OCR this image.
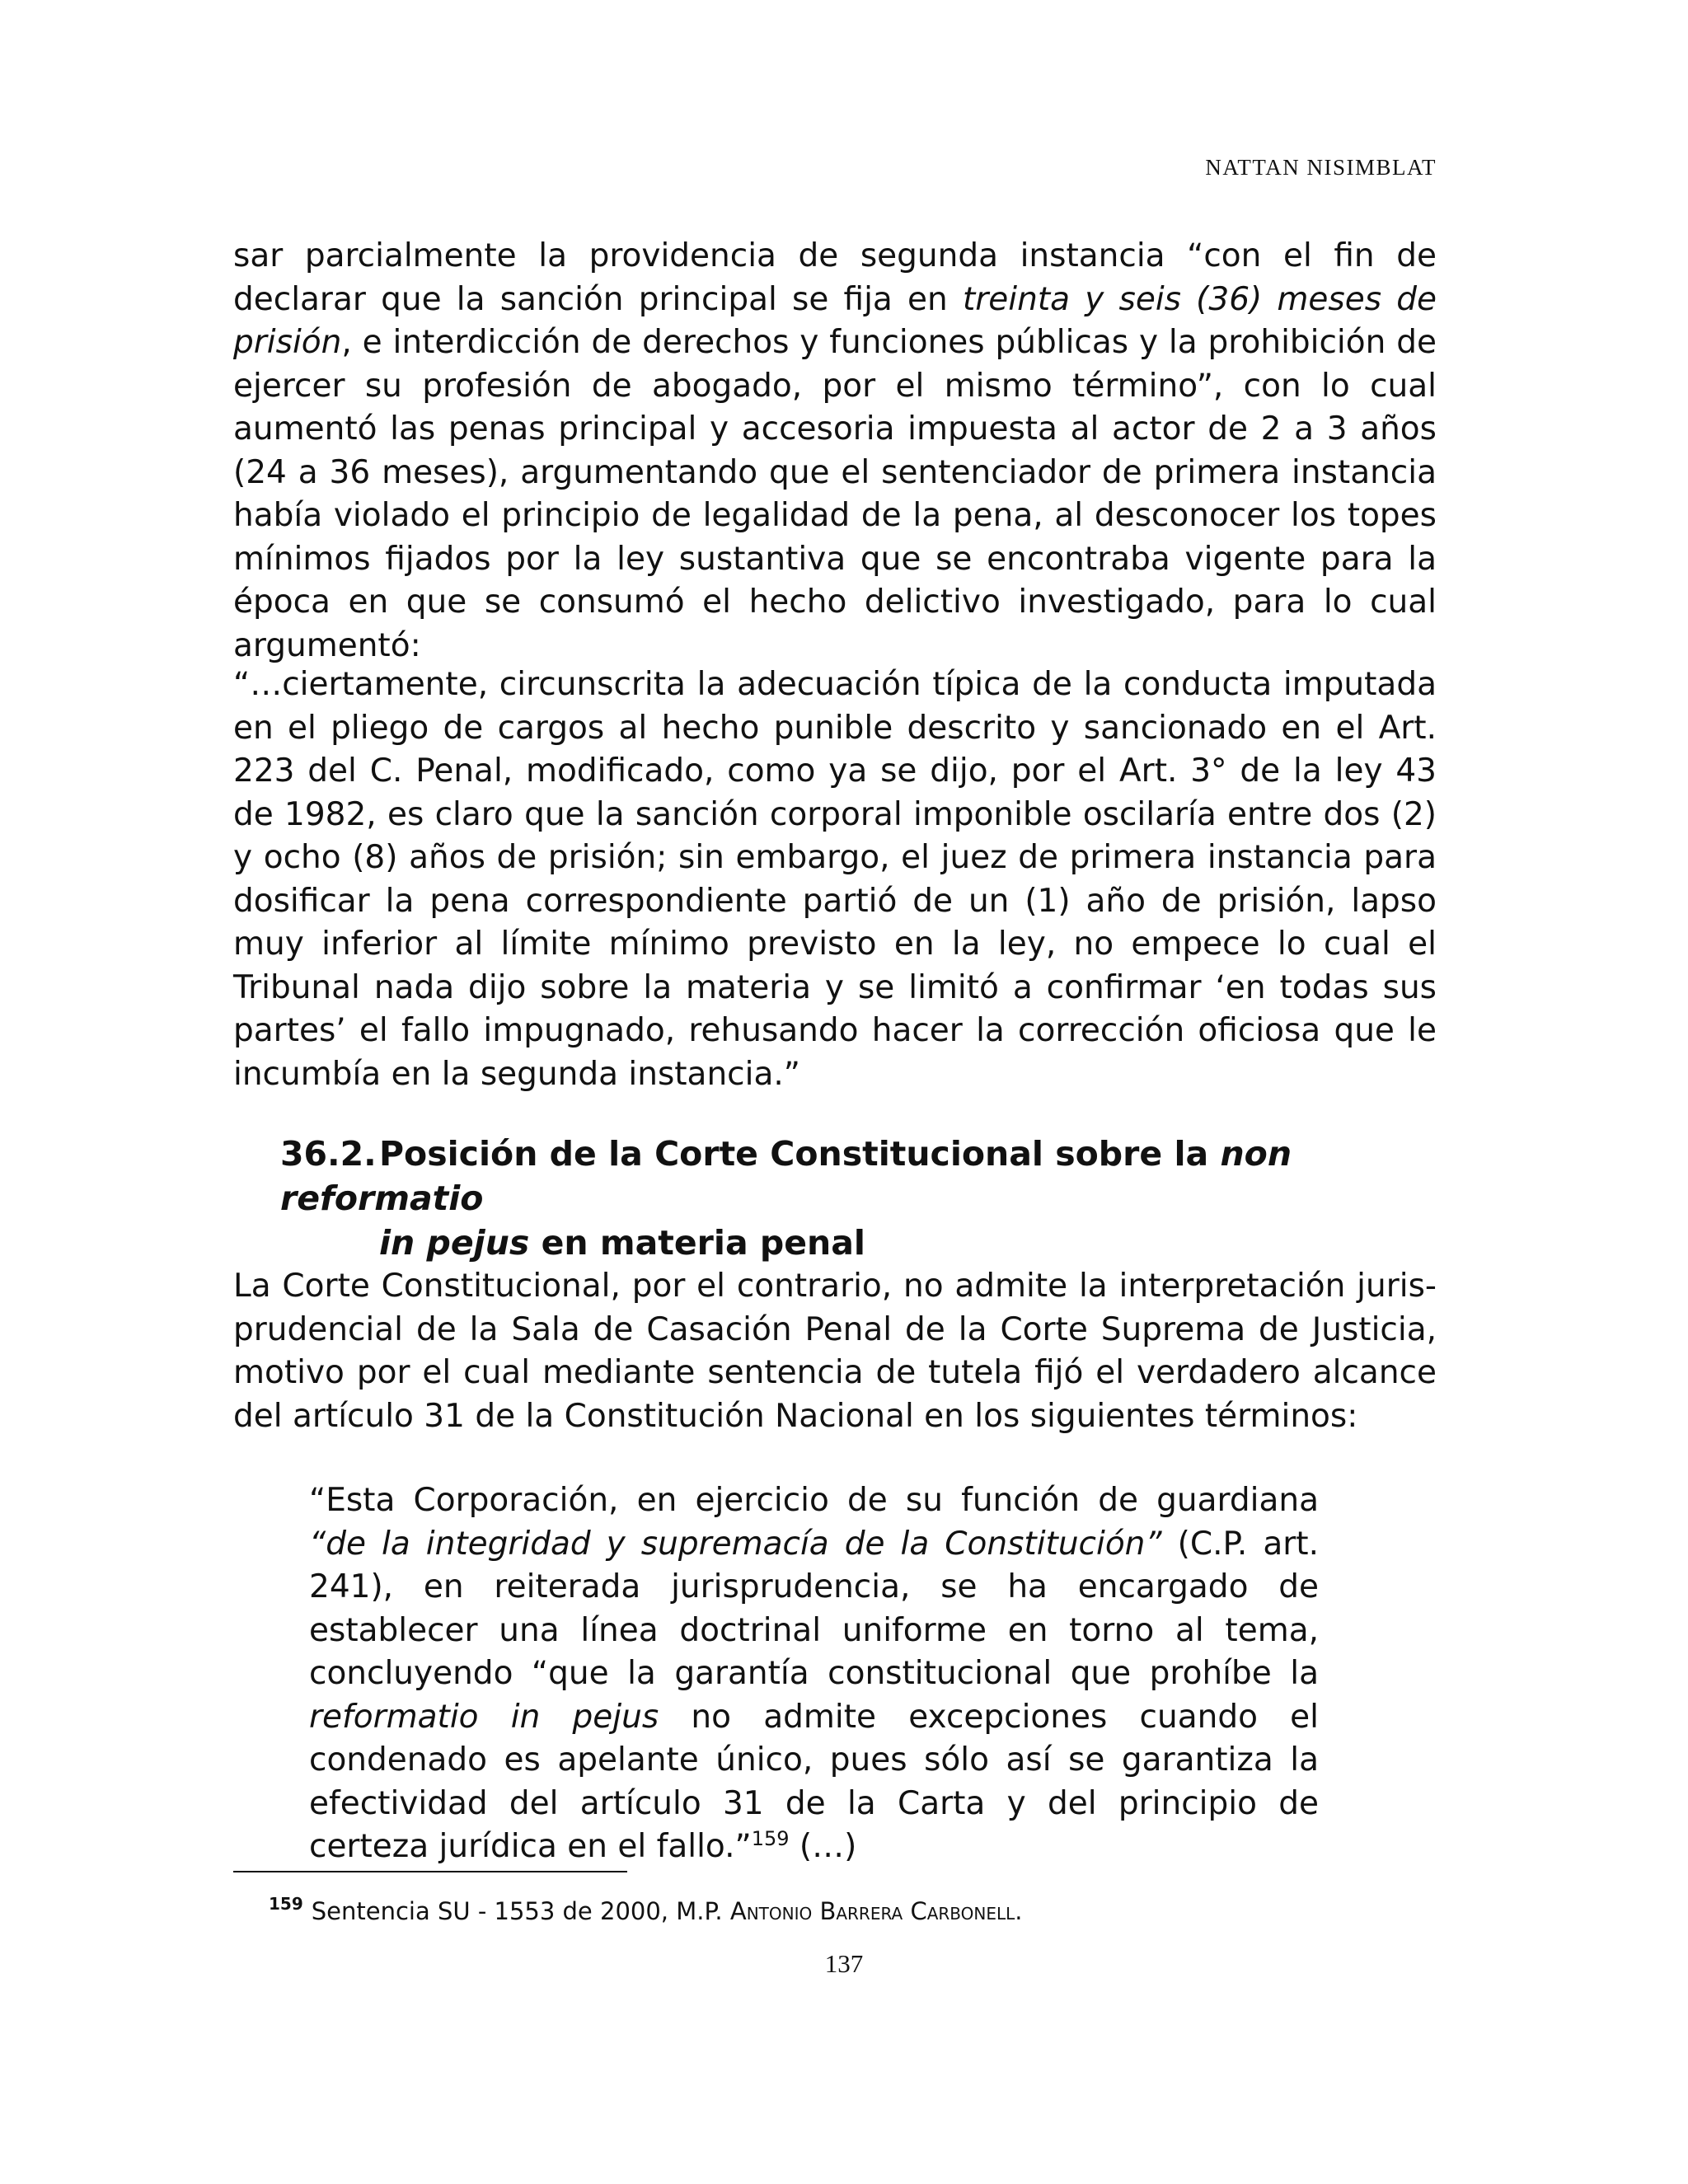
NATTAN NISIMBLAT

sar parcialmente la providencia de segunda instancia “con el fin de declarar que la sanción principal se fija en treinta y seis (36) meses de prisión, e interdicción de derechos y funciones públicas y la prohibición de ejercer su profesión de abogado, por el mismo término”, con lo cual aumentó las penas principal y accesoria impuesta al actor de 2 a 3 años (24 a 36 meses), argumentando que el sentenciador de primera instancia había violado el principio de legalidad de la pena, al desconocer los topes mínimos fijados por la ley sustantiva que se encontraba vigente para la época en que se consumó el hecho delictivo investigado, para lo cual argumentó:

“…ciertamente, circunscrita la adecuación típica de la conducta imputada en el pliego de cargos al hecho punible descrito y sancionado en el Art. 223 del C. Penal, modificado, como ya se dijo, por el Art. 3° de la ley 43 de 1982, es claro que la sanción corporal imponible oscilaría entre dos (2) y ocho (8) años de prisión; sin embargo, el juez de primera instancia para dosificar la pena correspondiente partió de un (1) año de prisión, lapso muy inferior al límite mínimo previsto en la ley, no empece lo cual el Tribunal nada dijo sobre la materia y se limitó a confirmar ‘en todas sus partes’ el fallo impugnado, rehusando hacer la corrección oficiosa que le incumbía en la segunda instancia.”

36.2.Posición de la Corte Constitucional sobre la non reformatio
in pejus en materia penal

La Corte Constitucional, por el contrario, no admite la interpretación jurisprudencial de la Sala de Casación Penal de la Corte Suprema de Justicia, motivo por el cual mediante sentencia de tutela fijó el verdadero alcance del artículo 31 de la Constitución Nacional en los siguientes términos:

“Esta Corporación, en ejercicio de su función de guardiana “de la integridad y supremacía de la Constitución” (C.P. art. 241), en reiterada jurisprudencia, se ha encargado de establecer una línea doctrinal uniforme en torno al tema, concluyendo “que la garantía constitucional que prohíbe la reformatio in pejus no admite excepciones cuando el condenado es apelante único, pues sólo así se garantiza la efectividad del artículo 31 de la Carta y del principio de certeza jurídica en el fallo.”$^{159}$ (…)

$^{159}$ Sentencia SU - 1553 de 2000, M.P. Antonio Barrera Carbonell.
137
